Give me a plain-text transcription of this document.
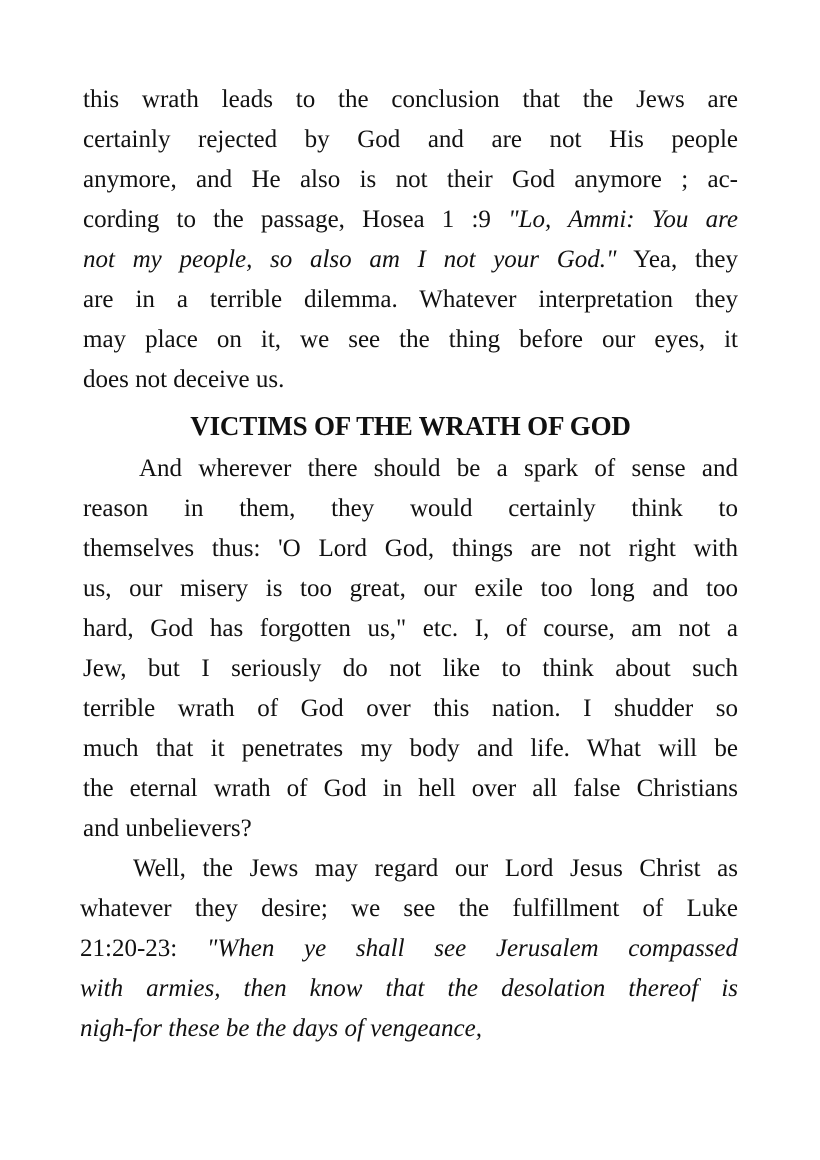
this wrath leads to the conclusion that the Jews are
certainly rejected by God and are not His people
anymore, and He also is not their God anymore ; ac-
cording to the passage, Hosea 1 :9 "Lo, Ammi: You are
not my people, so also am I not your God." Yea, they
are in a terrible dilemma. Whatever interpretation they
may place on it, we see the thing before our eyes, it
does not deceive us.

VICTIMS OF THE WRATH OF GOD

And wherever there should be a spark of sense and
reason in them, they would certainly think to
themselves thus: 'O Lord God, things are not right with
us, our misery is too great, our exile too long and too
hard, God has forgotten us," etc. I, of course, am not a
Jew, but I seriously do not like to think about such
terrible wrath of God over this nation. I shudder so
much that it penetrates my body and life. What will be
the eternal wrath of God in hell over all false Christians
and unbelievers?

Well, the Jews may regard our Lord Jesus Christ as
whatever they desire; we see the fulfillment of Luke
21:20-23: "When ye shall see Jerusalem compassed
with armies, then know that the desolation thereof is
nigh-for these be the days of vengeance,
